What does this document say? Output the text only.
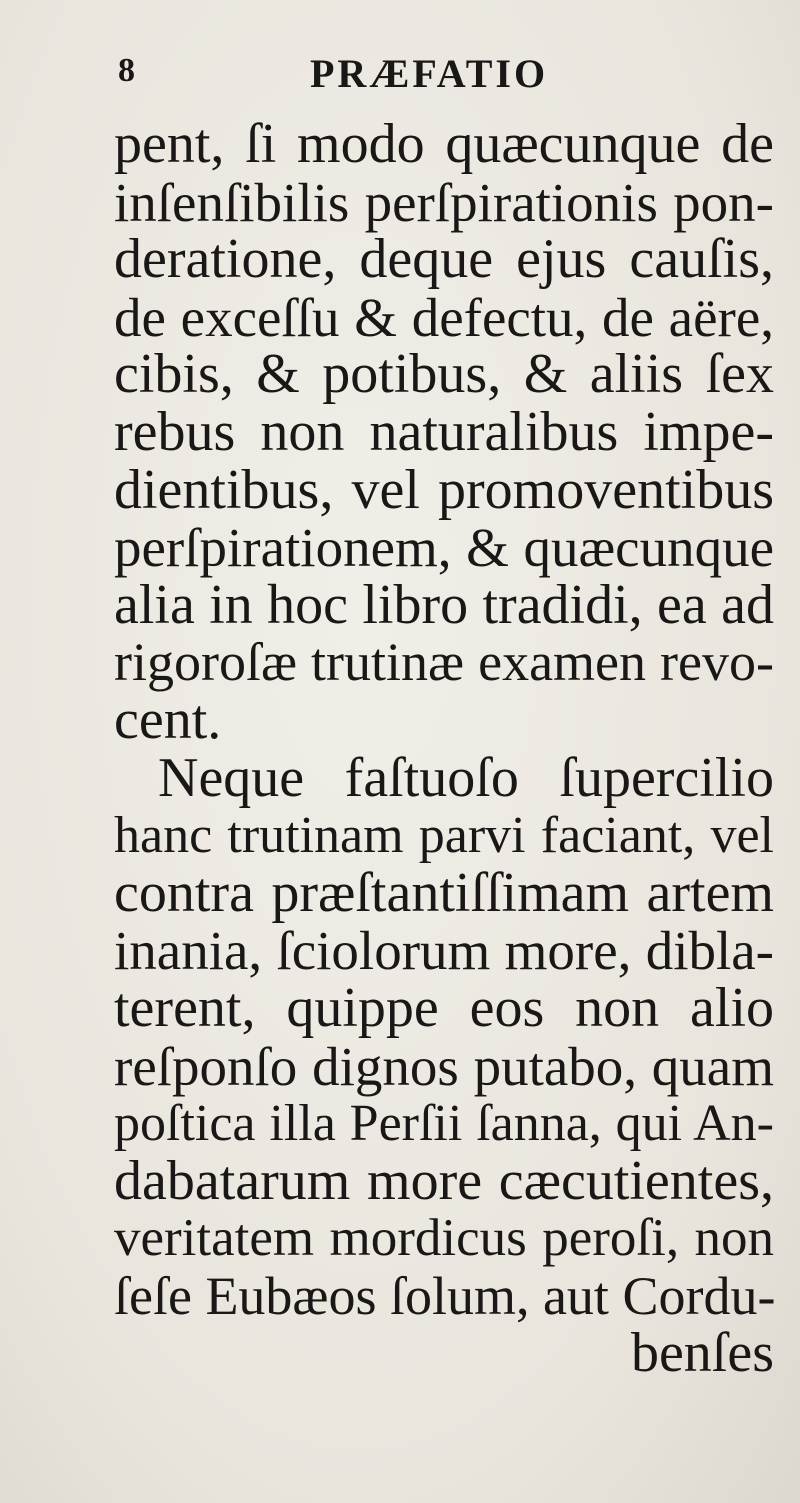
8	PRÆFATIO
pent, ſi modo quæcunque de
inſenſibilis perſpirationis pon-
deratione, deque ejus cauſis,
de exceſſu & defectu, de aëre,
cibis, & potibus, & aliis ſex
rebus non naturalibus impe-
dientibus, vel promoventibus
perſpirationem, & quæcunque
alia in hoc libro tradidi, ea ad
rigoroſæ trutinæ examen revo-
cent.
Neque faſtuoſo ſupercilio
hanc trutinam parvi faciant, vel
contra præſtantiſſimam artem
inania, ſciolorum more, dibla-
terent, quippe eos non alio
reſponſo dignos putabo, quam
poſtica illa Perſii ſanna, qui An-
dabatarum more cæcutientes,
veritatem mordicus peroſi, non
ſeſe Eubæos ſolum, aut Cordu-
benſes
